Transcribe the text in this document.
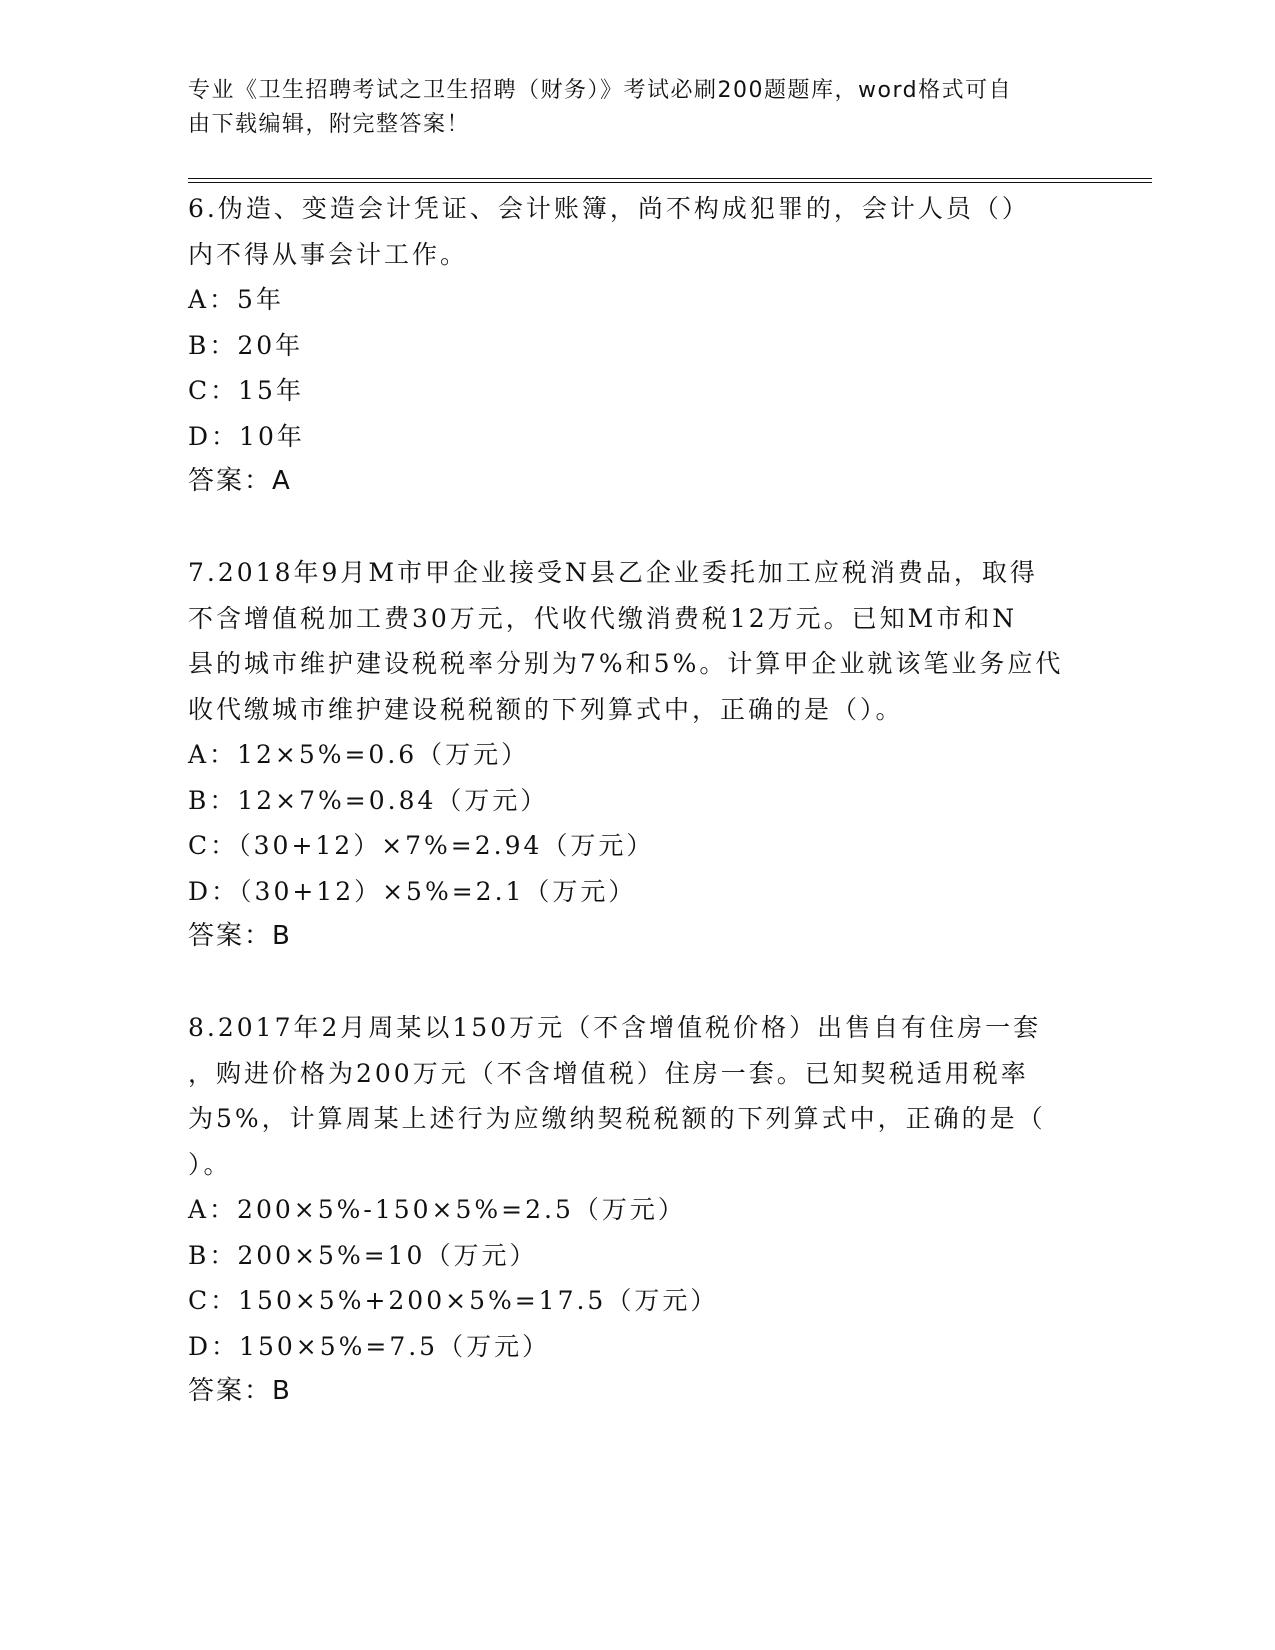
专业《卫生招聘考试之卫生招聘（财务）》考试必刷200题题库，word格式可自
由下载编辑，附完整答案！
6.伪造、变造会计凭证、会计账簿，尚不构成犯罪的，会计人员（）
内不得从事会计工作。
A：5年
B：20年
C：15年
D：10年
答案：A
7.2018年9月M市甲企业接受N县乙企业委托加工应税消费品，取得
不含增值税加工费30万元，代收代缴消费税12万元。已知M市和N
县的城市维护建设税税率分别为7%和5%。计算甲企业就该笔业务应代
收代缴城市维护建设税税额的下列算式中，正确的是（）。
A：12×5%=0.6（万元）
B：12×7%=0.84（万元）
C：（30+12）×7%=2.94（万元）
D：（30+12）×5%=2.1（万元）
答案：B
8.2017年2月周某以150万元（不含增值税价格）出售自有住房一套
，购进价格为200万元（不含增值税）住房一套。已知契税适用税率
为5%，计算周某上述行为应缴纳契税税额的下列算式中，正确的是（
）。
A：200×5%-150×5%=2.5（万元）
B：200×5%=10（万元）
C：150×5%+200×5%=17.5（万元）
D：150×5%=7.5（万元）
答案：B
